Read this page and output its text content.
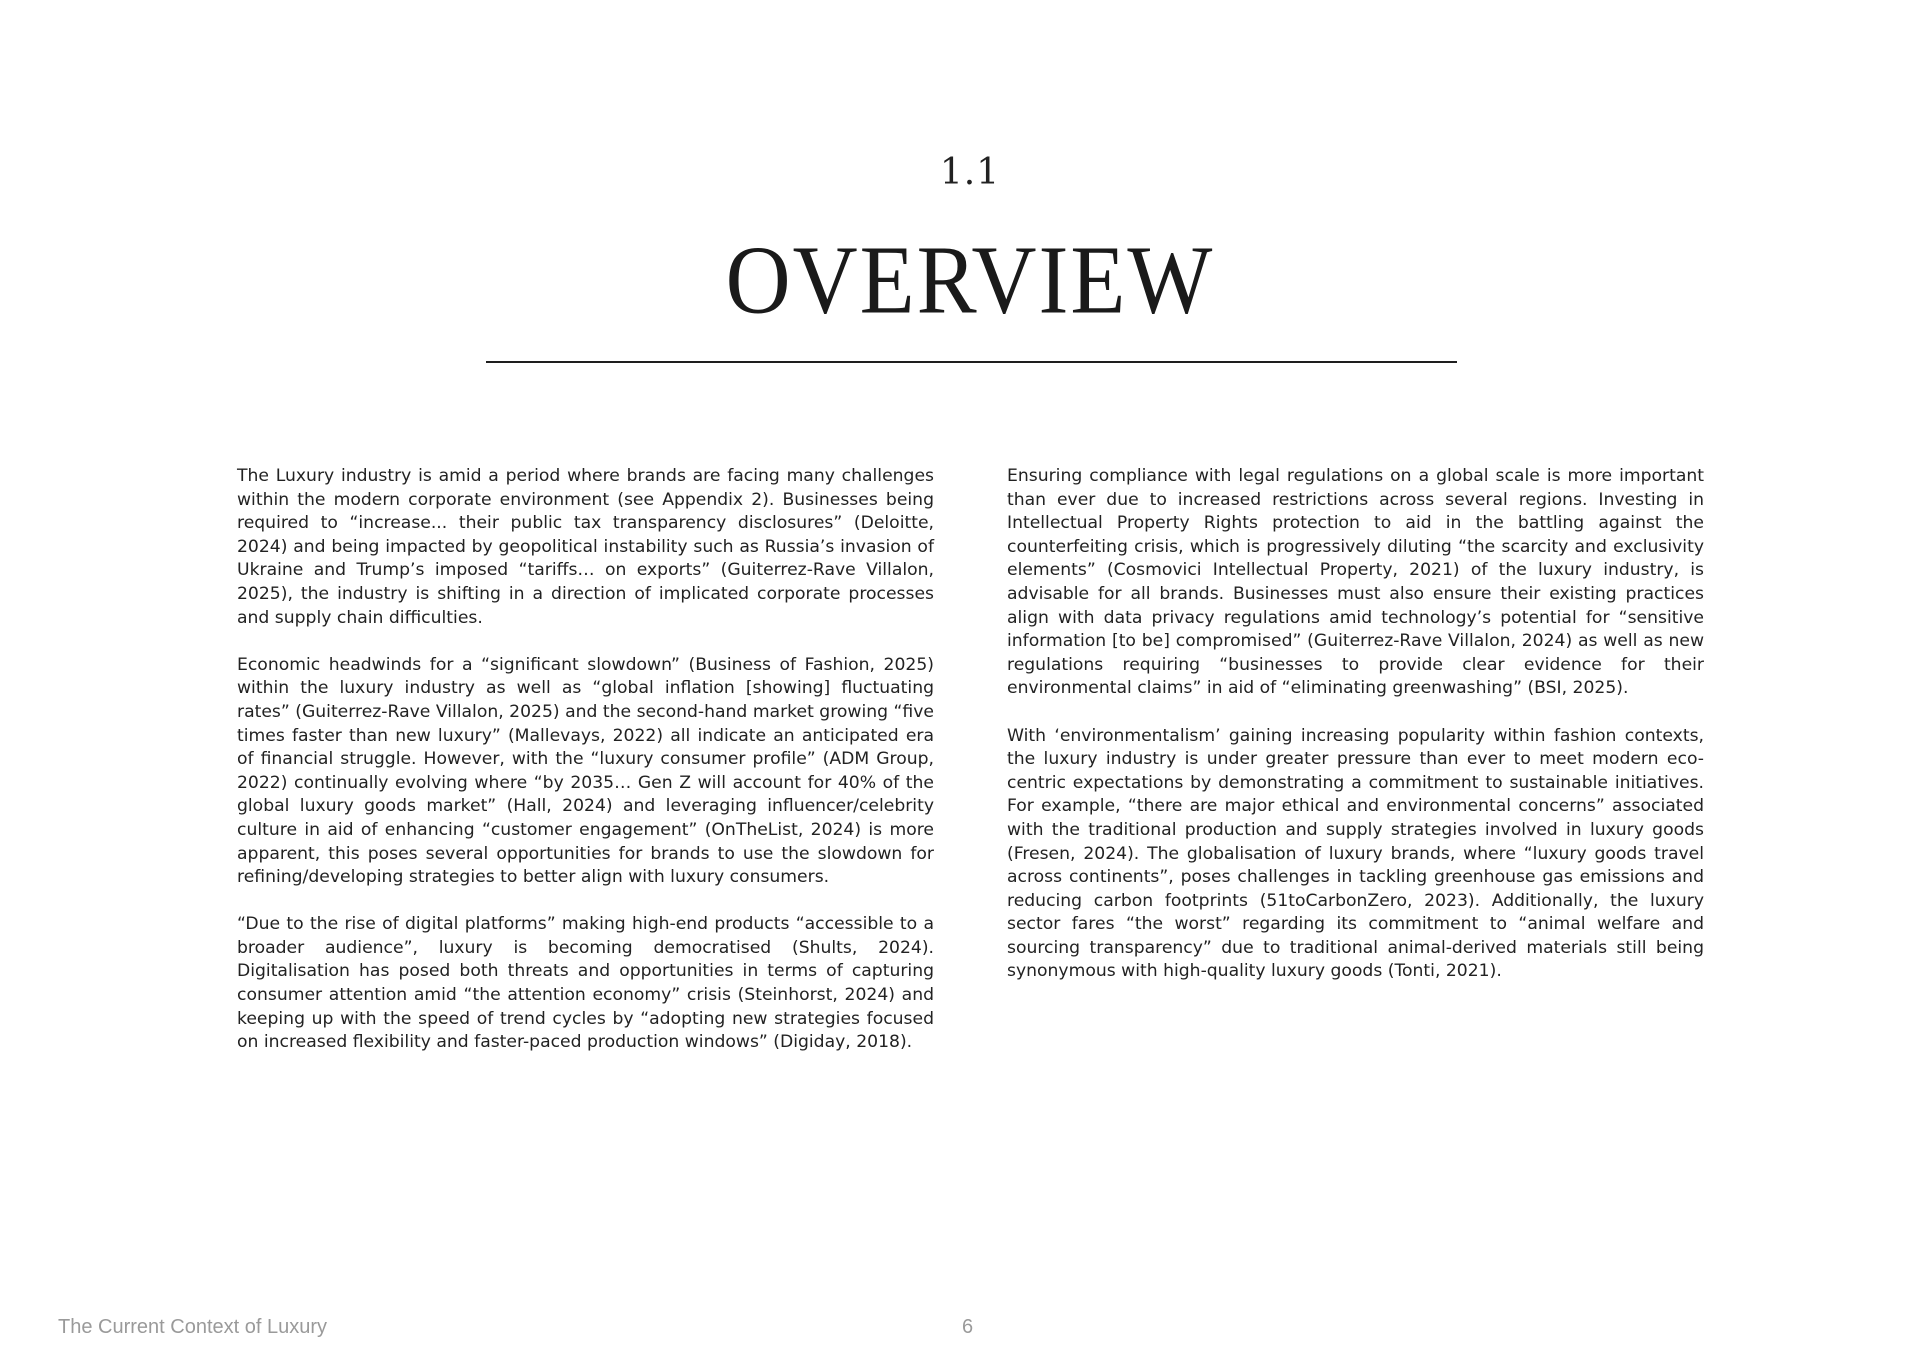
1.1
OVERVIEW

The Luxury industry is amid a period where brands are facing many challenges within the modern corporate environment (see Appendix 2). Businesses being required to “increase... their public tax transparency disclosures” (Deloitte, 2024) and being impacted by geopolitical instability such as Russia’s invasion of Ukraine and Trump’s imposed “tariffs… on exports” (Guiterrez-Rave Villalon, 2025), the industry is shifting in a direction of implicated corporate processes and supply chain difficulties.

Economic headwinds for a “significant slowdown” (Business of Fashion, 2025) within the luxury industry as well as “global inflation [showing] fluctuating rates” (Guiterrez-Rave Villalon, 2025) and the second-hand market growing “five times faster than new luxury” (Mallevays, 2022) all indicate an anticipated era of financial struggle. However, with the “luxury consumer profile” (ADM Group, 2022) continually evolving where “by 2035… Gen Z will account for 40% of the global luxury goods market” (Hall, 2024) and leveraging influencer/celebrity culture in aid of enhancing “customer engagement” (OnTheList, 2024) is more apparent, this poses several opportunities for brands to use the slowdown for refining/developing strategies to better align with luxury consumers.

“Due to the rise of digital platforms” making high-end products “accessible to a broader audience”, luxury is becoming democratised (Shults, 2024). Digitalisation has posed both threats and opportunities in terms of capturing consumer attention amid “the attention economy” crisis (Steinhorst, 2024) and keeping up with the speed of trend cycles by “adopting new strategies focused on increased flexibility and faster-paced production windows” (Digiday, 2018).

Ensuring compliance with legal regulations on a global scale is more important than ever due to increased restrictions across several regions. Investing in Intellectual Property Rights protection to aid in the battling against the counterfeiting crisis, which is progressively diluting “the scarcity and exclusivity elements” (Cosmovici Intellectual Property, 2021) of the luxury industry, is advisable for all brands. Businesses must also ensure their existing practices align with data privacy regulations amid technology’s potential for “sensitive information [to be] compromised” (Guiterrez-Rave Villalon, 2024) as well as new regulations requiring “businesses to provide clear evidence for their environmental claims” in aid of “eliminating greenwashing” (BSI, 2025).

With ‘environmentalism’ gaining increasing popularity within fashion contexts, the luxury industry is under greater pressure than ever to meet modern eco-centric expectations by demonstrating a commitment to sustainable initiatives. For example, “there are major ethical and environmental concerns” associated with the traditional production and supply strategies involved in luxury goods (Fresen, 2024). The globalisation of luxury brands, where “luxury goods travel across continents”, poses challenges in tackling greenhouse gas emissions and reducing carbon footprints (51toCarbonZero, 2023). Additionally, the luxury sector fares “the worst” regarding its commitment to “animal welfare and sourcing transparency” due to traditional animal-derived materials still being synonymous with high-quality luxury goods (Tonti, 2021).

The Current Context of Luxury	6
